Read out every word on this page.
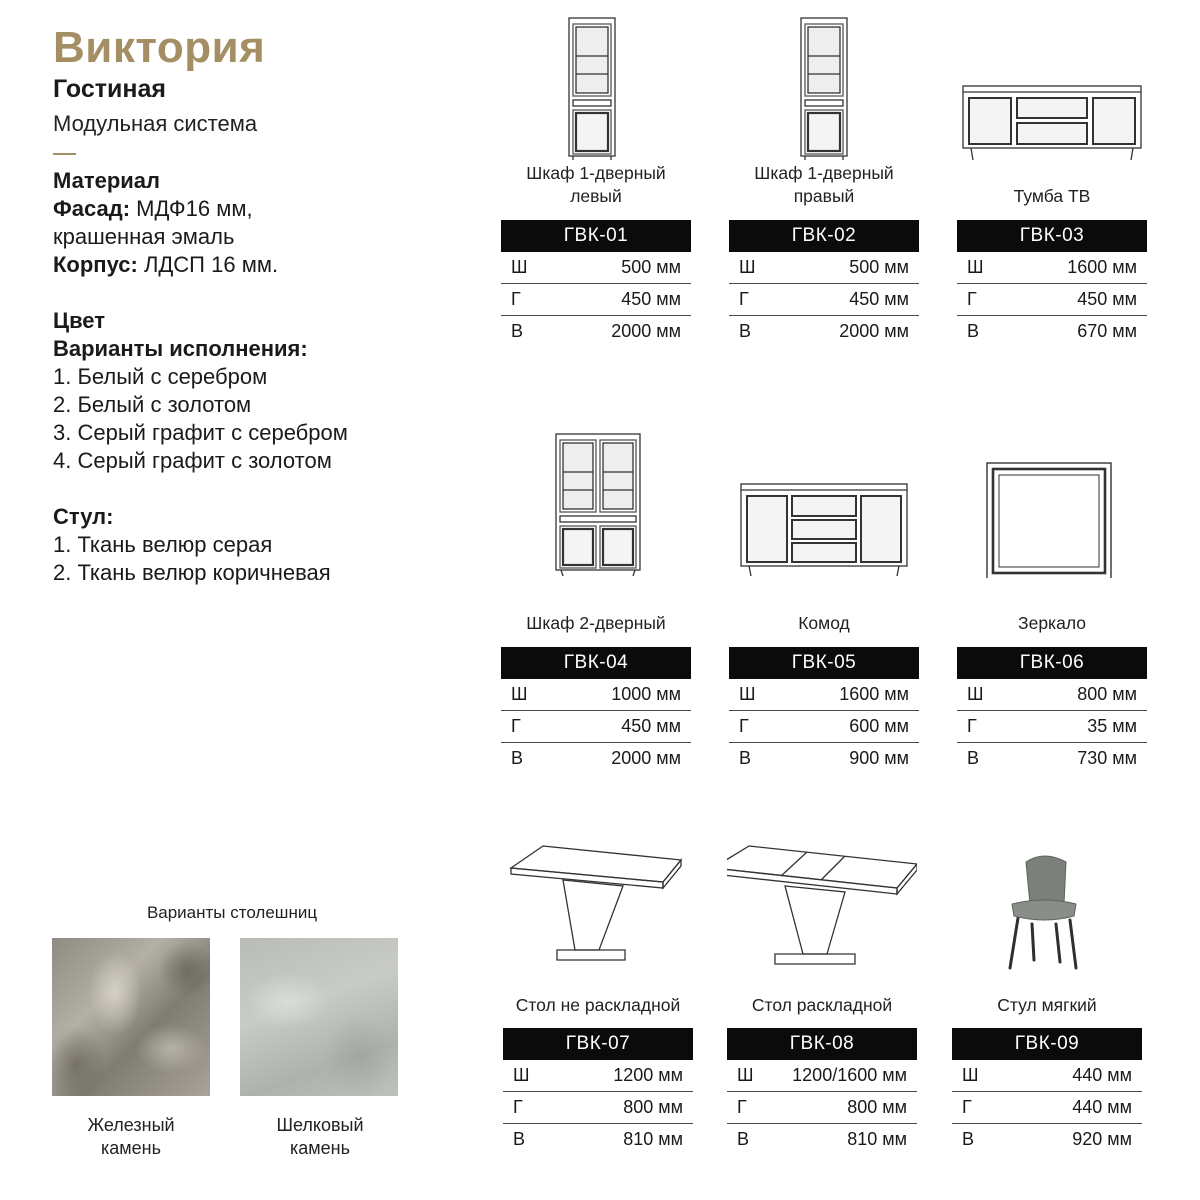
Виктория
Гостиная
Модульная система
Материал
Фасад: МДФ16 мм,
крашенная эмаль
Корпус: ЛДСП 16 мм.
Цвет
Варианты исполнения:
1. Белый с серебром
2. Белый с золотом
3. Серый графит с серебром
4. Серый графит с золотом
Стул:
1. Ткань велюр серая
2. Ткань велюр коричневая
Варианты столешниц
Железный
камень
Шелковый
камень
Шкаф 1-дверный
левый
ГВК-01
Ш	500 мм
Г	450 мм
В	2000 мм
Шкаф 1-дверный
правый
ГВК-02
Ш	500 мм
Г	450 мм
В	2000 мм
Тумба ТВ
ГВК-03
Ш	1600 мм
Г	450 мм
В	670 мм
Шкаф 2-дверный
ГВК-04
Ш	1000 мм
Г	450 мм
В	2000 мм
Комод
ГВК-05
Ш	1600 мм
Г	600 мм
В	900 мм
Зеркало
ГВК-06
Ш	800 мм
Г	35 мм
В	730 мм
Стол не раскладной
ГВК-07
Ш	1200 мм
Г	800 мм
В	810 мм
Стол раскладной
ГВК-08
Ш	1200/1600 мм
Г	800 мм
В	810 мм
Стул мягкий
ГВК-09
Ш	440 мм
Г	440 мм
В	920 мм
